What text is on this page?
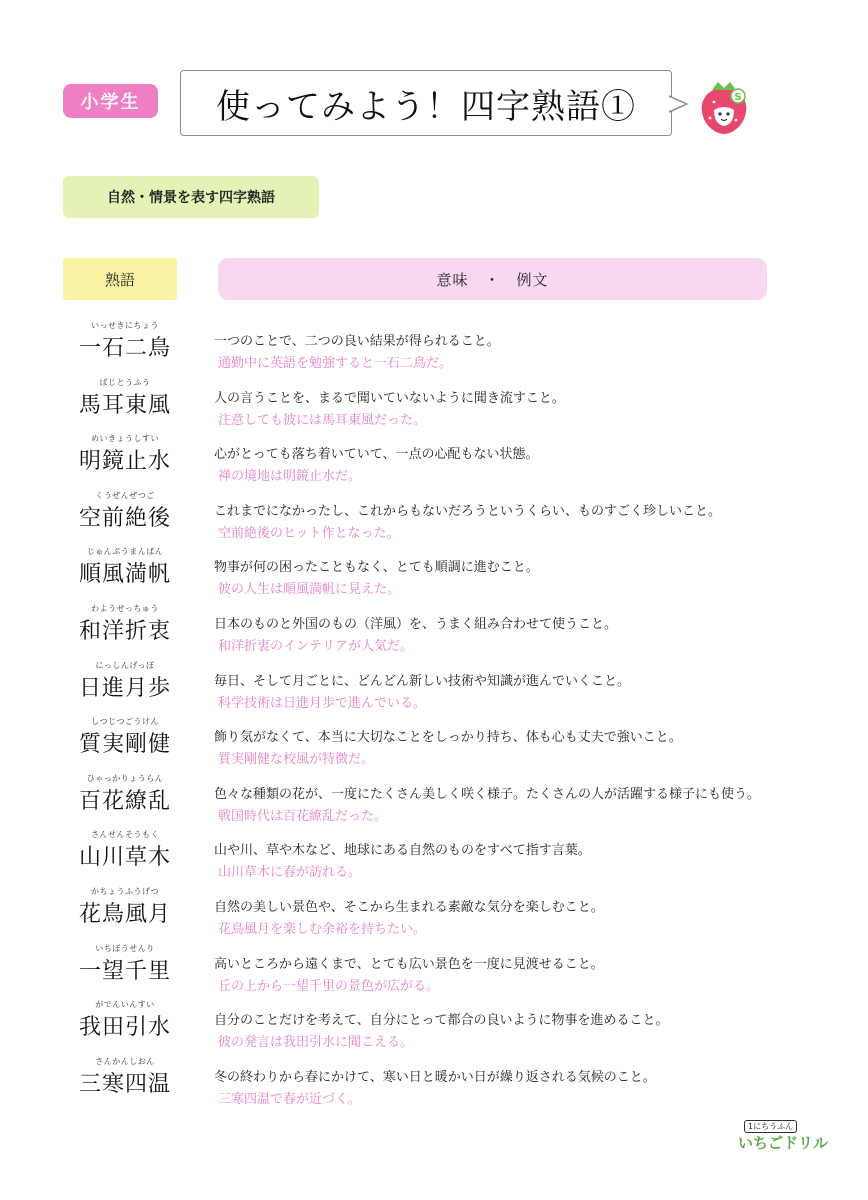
小学生	使ってみよう！四字熟語①	S
自然・情景を表す四字熟語
熟語	意味　・　例文
いっせきにちょう
一石二鳥	一つのことで、二つの良い結果が得られること。
通勤中に英語を勉強すると一石二鳥だ。
ばじとうふう
馬耳東風	人の言うことを、まるで聞いていないように聞き流すこと。
注意しても彼には馬耳東風だった。
めいきょうしすい
明鏡止水	心がとっても落ち着いていて、一点の心配もない状態。
禅の境地は明鏡止水だ。
くうぜんぜつご
空前絶後	これまでになかったし、これからもないだろうというくらい、ものすごく珍しいこと。
空前絶後のヒット作となった。
じゅんぷうまんぱん
順風満帆	物事が何の困ったこともなく、とても順調に進むこと。
彼の人生は順風満帆に見えた。
わようせっちゅう
和洋折衷	日本のものと外国のもの（洋風）を、うまく組み合わせて使うこと。
和洋折衷のインテリアが人気だ。
にっしんげっぽ
日進月歩	毎日、そして月ごとに、どんどん新しい技術や知識が進んでいくこと。
科学技術は日進月歩で進んでいる。
しつじつごうけん
質実剛健	飾り気がなくて、本当に大切なことをしっかり持ち、体も心も丈夫で強いこと。
質実剛健な校風が特徴だ。
ひゃっかりょうらん
百花繚乱	色々な種類の花が、一度にたくさん美しく咲く様子。たくさんの人が活躍する様子にも使う。
戦国時代は百花繚乱だった。
さんせんそうもく
山川草木	山や川、草や木など、地球にある自然のものをすべて指す言葉。
山川草木に春が訪れる。
かちょうふうげつ
花鳥風月	自然の美しい景色や、そこから生まれる素敵な気分を楽しむこと。
花鳥風月を楽しむ余裕を持ちたい。
いちぼうせんり
一望千里	高いところから遠くまで、とても広い景色を一度に見渡せること。
丘の上から一望千里の景色が広がる。
がでんいんすい
我田引水	自分のことだけを考えて、自分にとって都合の良いように物事を進めること。
彼の発言は我田引水に聞こえる。
さんかんしおん
三寒四温	冬の終わりから春にかけて、寒い日と暖かい日が繰り返される気候のこと。
三寒四温で春が近づく。
1にちうふん
いちごドリル
